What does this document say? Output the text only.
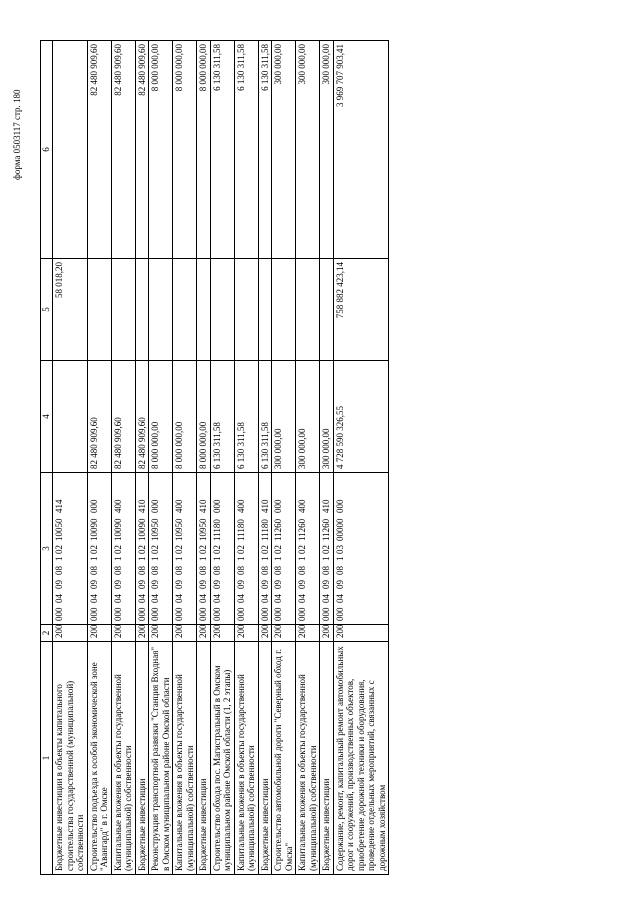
форма 0503117 стр. 180
1	2	3	4	5	6
Бюджетные инвестиции в объекты капитального строительства государственной (муниципальной) собственности	200	00004090810210050414		58 018,20	
Строительство подъезда к особой экономической зоне "Авангард" в г. Омске	200	00004090810210090000	82 480 909,60		82 480 909,60
Капитальные вложения в объекты государственной (муниципальной) собственности	200	00004090810210090400	82 480 909,60		82 480 909,60
Бюджетные инвестиции	200	00004090810210090410	82 480 909,60		82 480 909,60
Реконструкция транспортной развязки "Станция Входная" в Омском муниципальном районе Омской области	200	00004090810210950000	8 000 000,00		8 000 000,00
Капитальные вложения в объекты государственной (муниципальной) собственности	200	00004090810210950400	8 000 000,00		8 000 000,00
Бюджетные инвестиции	200	00004090810210950410	8 000 000,00		8 000 000,00
Строительство обхода пос. Магистральный в Омском муниципальном районе Омской области (1, 2 этапы)	200	00004090810211180000	6 130 311,58		6 130 311,58
Капитальные вложения в объекты государственной (муниципальной) собственности	200	00004090810211180400	6 130 311,58		6 130 311,58
Бюджетные инвестиции	200	00004090810211180410	6 130 311,58		6 130 311,58
Строительство автомобильной дороги "Северный обход г. Омска"	200	00004090810211260000	300 000,00		300 000,00
Капитальные вложения в объекты государственной (муниципальной) собственности	200	00004090810211260400	300 000,00		300 000,00
Бюджетные инвестиции	200	00004090810211260410	300 000,00		300 000,00
Содержание, ремонт, капитальный ремонт автомобильных дорог и сооружений, производственных объектов, приобретение дорожной техники и оборудования, проведение отдельных мероприятий, связанных с дорожным хозяйством	200	00004090810300000000	4 728 590 326,55	758 882 423,14	3 969 707 903,41
